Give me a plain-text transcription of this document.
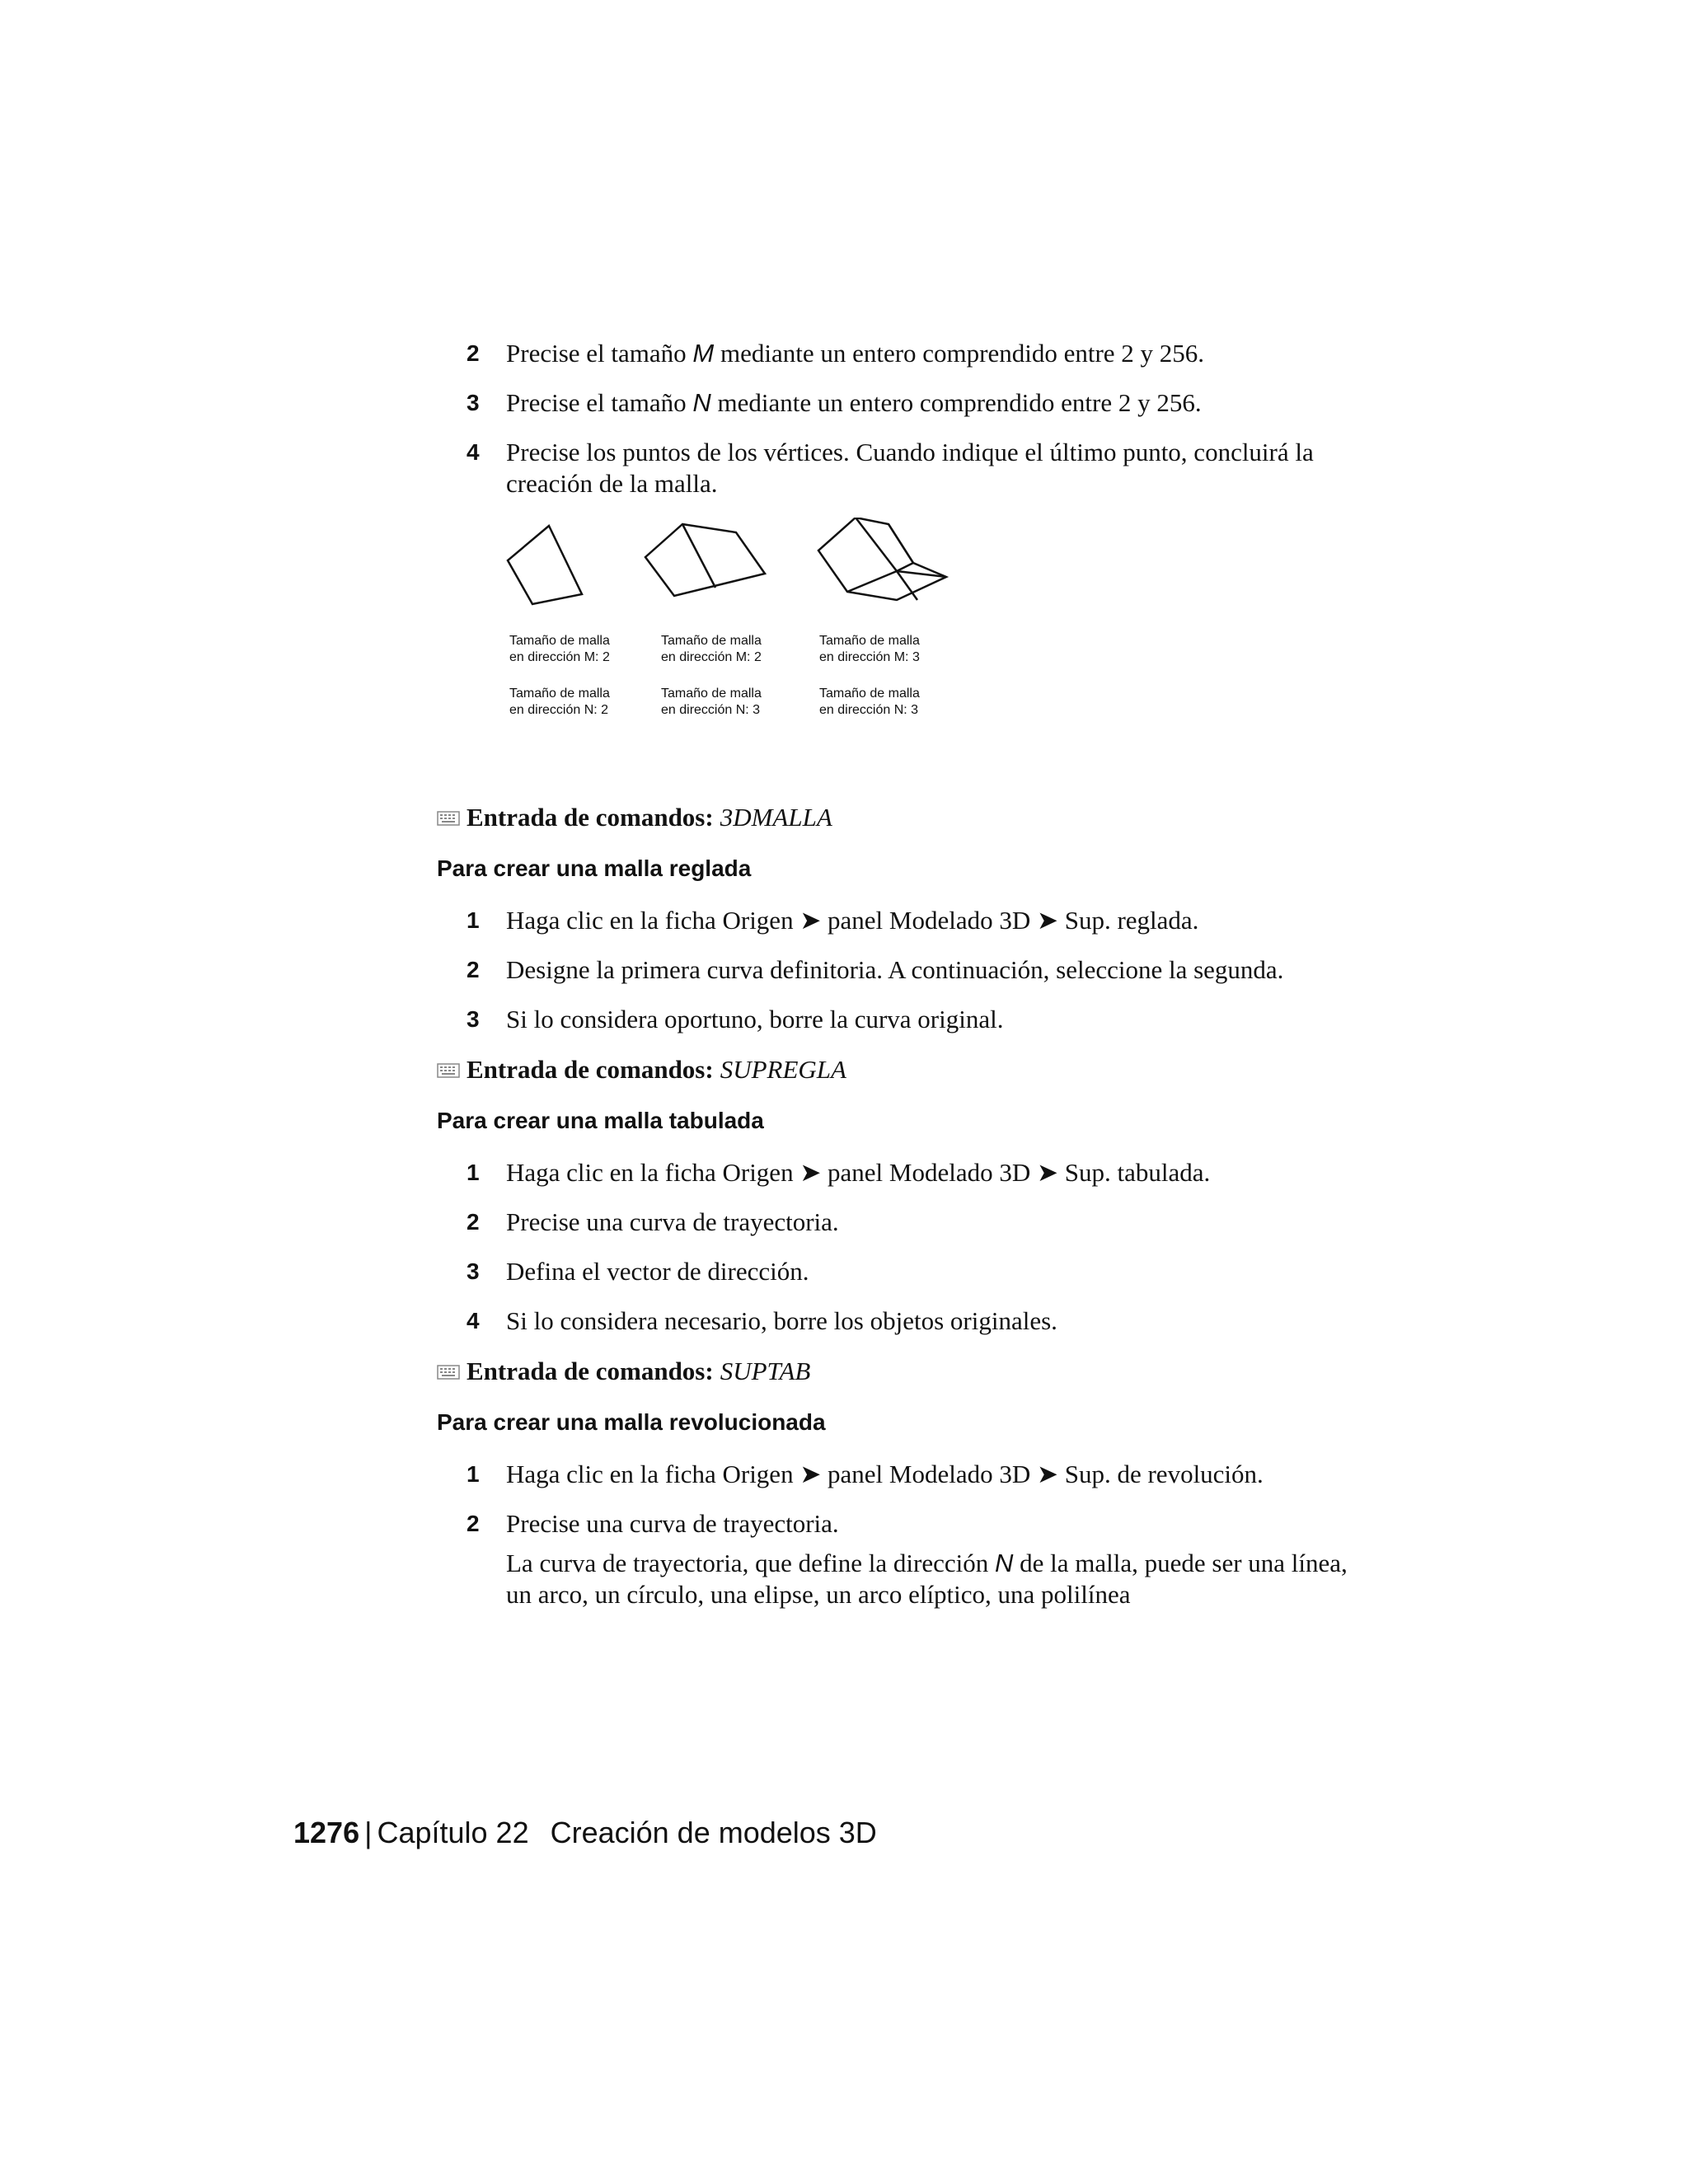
2 Precise el tamaño M mediante un entero comprendido entre 2 y 256.
3 Precise el tamaño N mediante un entero comprendido entre 2 y 256.
4 Precise los puntos de los vértices. Cuando indique el último punto, concluirá la creación de la malla.
Tamaño de malla
en dirección M: 2
Tamaño de malla
en dirección N: 2
Tamaño de malla
en dirección M: 2
Tamaño de malla
en dirección N: 3
Tamaño de malla
en dirección M: 3
Tamaño de malla
en dirección N: 3
Entrada de comandos: 3DMALLA
Para crear una malla reglada
1 Haga clic en la ficha Origen ➤ panel Modelado 3D ➤ Sup. reglada.
2 Designe la primera curva definitoria. A continuación, seleccione la segunda.
3 Si lo considera oportuno, borre la curva original.
Entrada de comandos: SUPREGLA
Para crear una malla tabulada
1 Haga clic en la ficha Origen ➤ panel Modelado 3D ➤ Sup. tabulada.
2 Precise una curva de trayectoria.
3 Defina el vector de dirección.
4 Si lo considera necesario, borre los objetos originales.
Entrada de comandos: SUPTAB
Para crear una malla revolucionada
1 Haga clic en la ficha Origen ➤ panel Modelado 3D ➤ Sup. de revolución.
2 Precise una curva de trayectoria.
La curva de trayectoria, que define la dirección N de la malla, puede ser una línea, un arco, un círculo, una elipse, un arco elíptico, una polilínea
1276 | Capítulo 22 Creación de modelos 3D
